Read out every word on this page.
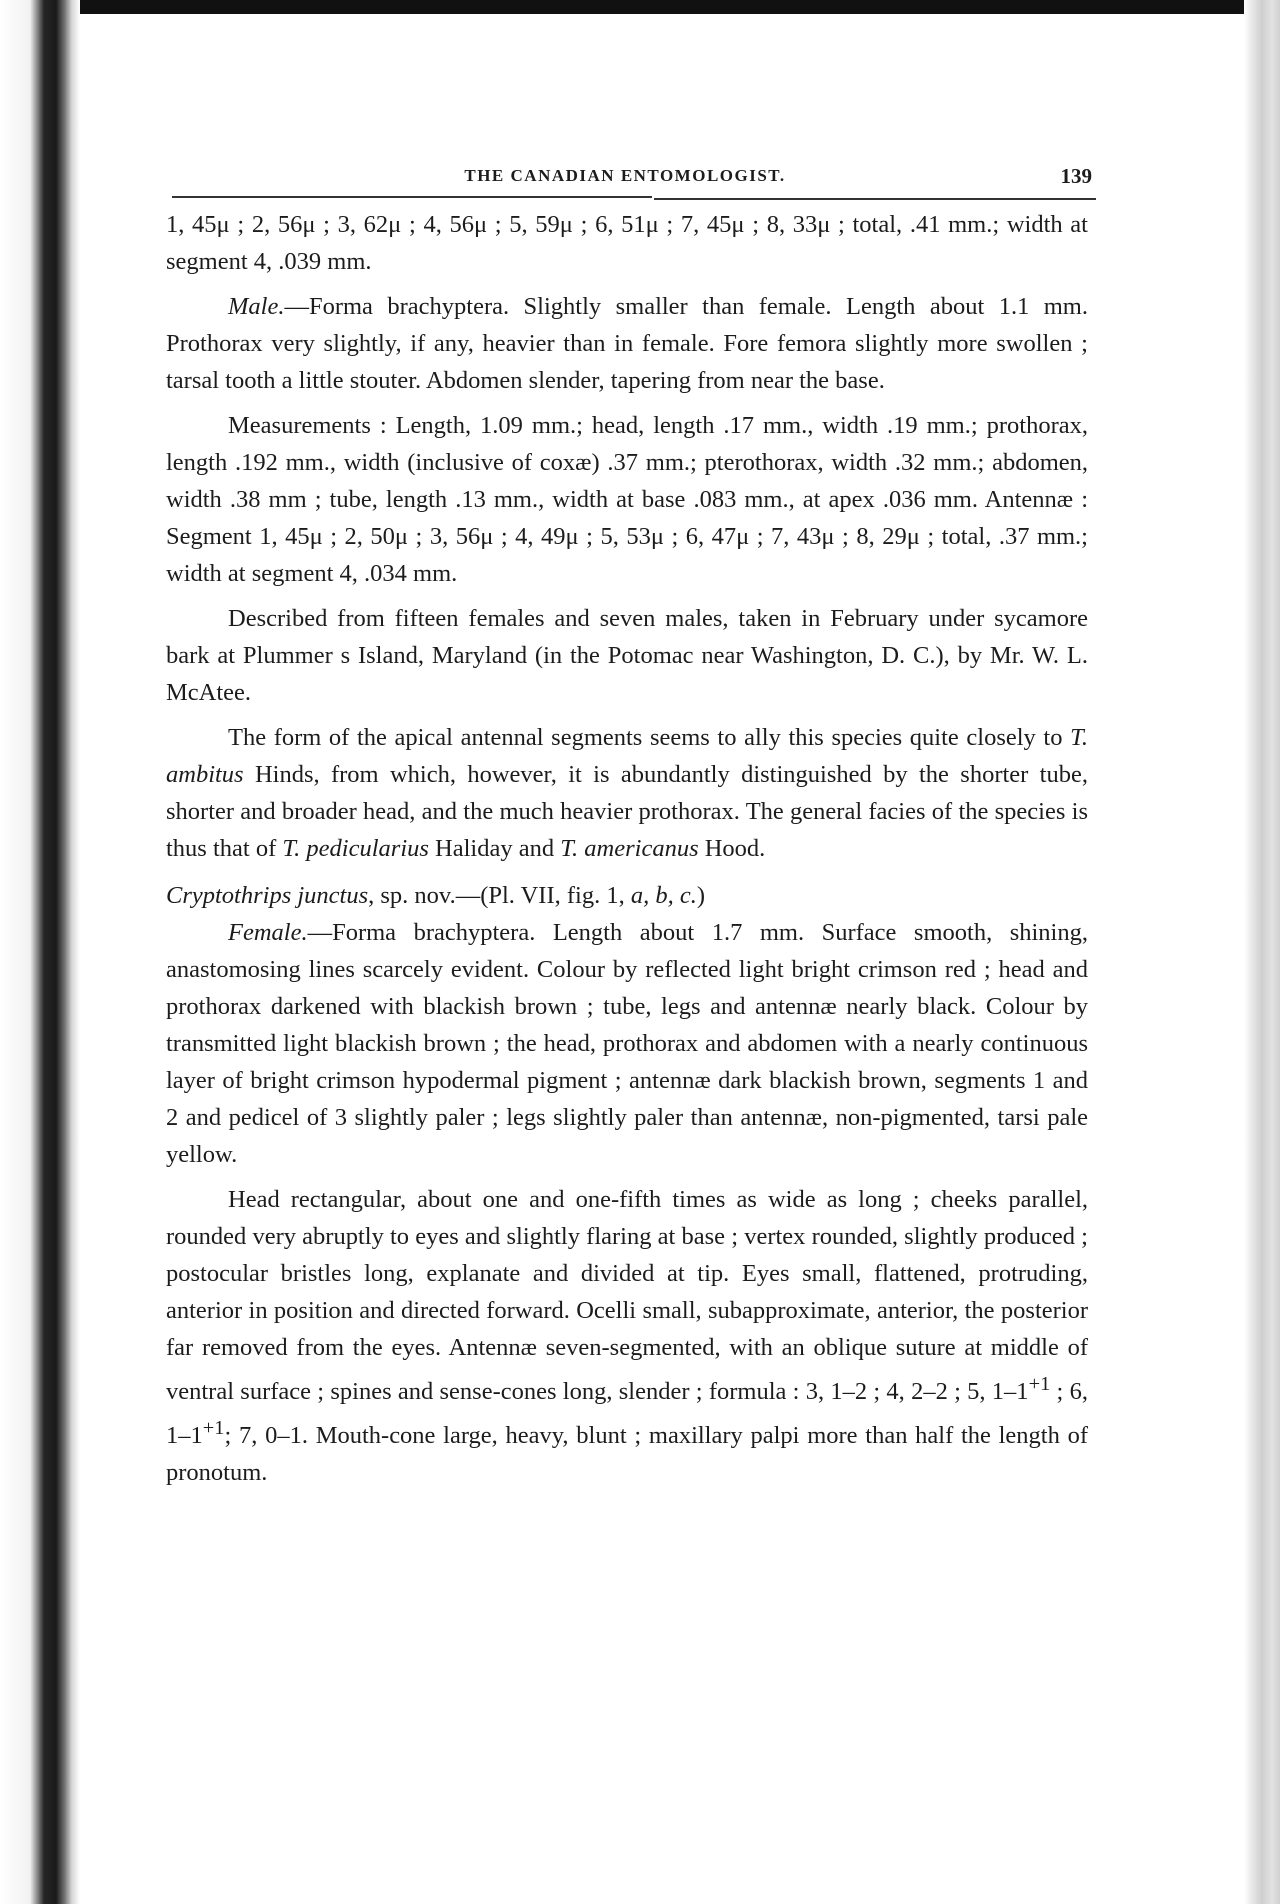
THE CANADIAN ENTOMOLOGIST.	139

1, 45μ ; 2, 56μ ; 3, 62μ ; 4, 56μ ; 5, 59μ ; 6, 51μ ; 7, 45μ ; 8, 33μ ; total, .41 mm.; width at segment 4, .039 mm.

Male.—Forma brachyptera. Slightly smaller than female. Length about 1.1 mm. Prothorax very slightly, if any, heavier than in female. Fore femora slightly more swollen ; tarsal tooth a little stouter. Abdomen slender, tapering from near the base.

Measurements : Length, 1.09 mm.; head, length .17 mm., width .19 mm.; prothorax, length .192 mm., width (inclusive of coxæ) .37 mm.; pterothorax, width .32 mm.; abdomen, width .38 mm ; tube, length .13 mm., width at base .083 mm., at apex .036 mm. Antennæ : Segment 1, 45μ ; 2, 50μ ; 3, 56μ ; 4, 49μ ; 5, 53μ ; 6, 47μ ; 7, 43μ ; 8, 29μ ; total, .37 mm.; width at segment 4, .034 mm.

Described from fifteen females and seven males, taken in February under sycamore bark at Plummer s Island, Maryland (in the Potomac near Washington, D. C.), by Mr. W. L. McAtee.

The form of the apical antennal segments seems to ally this species quite closely to T. ambitus Hinds, from which, however, it is abundantly distinguished by the shorter tube, shorter and broader head, and the much heavier prothorax. The general facies of the species is thus that of T. pedicularius Haliday and T. americanus Hood.

Cryptothrips junctus, sp. nov.—(Pl. VII, fig. 1, a, b, c.)

Female.—Forma brachyptera. Length about 1.7 mm. Surface smooth, shining, anastomosing lines scarcely evident. Colour by reflected light bright crimson red ; head and prothorax darkened with blackish brown ; tube, legs and antennæ nearly black. Colour by transmitted light blackish brown ; the head, prothorax and abdomen with a nearly continuous layer of bright crimson hypodermal pigment ; antennæ dark blackish brown, segments 1 and 2 and pedicel of 3 slightly paler ; legs slightly paler than antennæ, non-pigmented, tarsi pale yellow.

Head rectangular, about one and one-fifth times as wide as long ; cheeks parallel, rounded very abruptly to eyes and slightly flaring at base ; vertex rounded, slightly produced ; postocular bristles long, explanate and divided at tip. Eyes small, flattened, protruding, anterior in position and directed forward. Ocelli small, subapproximate, anterior, the posterior far removed from the eyes. Antennæ seven-segmented, with an oblique suture at middle of ventral surface ; spines and sense-cones long, slender ; formula : 3, 1–2 ; 4, 2–2 ; 5, $1-1^{+1}$ ; 6, $1-1^{+1}$; 7, 0–1. Mouth-cone large, heavy, blunt ; maxillary palpi more than half the length of pronotum.
